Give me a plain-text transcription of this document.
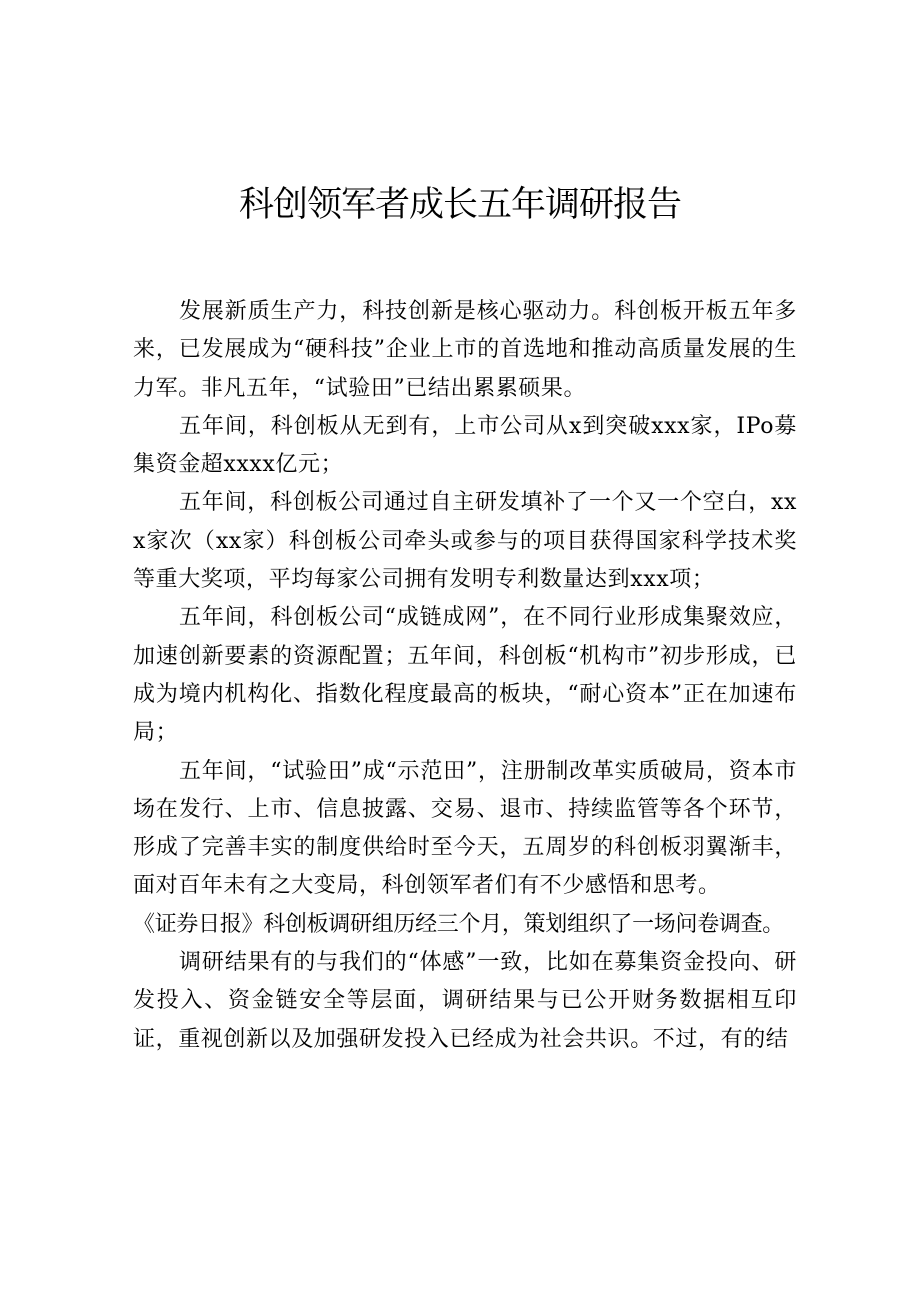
科创领军者成长五年调研报告

发展新质生产力，科技创新是核心驱动力。科创板开板五年多来，已发展成为“硬科技”企业上市的首选地和推动高质量发展的生力军。非凡五年，“试验田”已结出累累硕果。

五年间，科创板从无到有，上市公司从x到突破xxx家，IPo募集资金超xxxx亿元；

五年间，科创板公司通过自主研发填补了一个又一个空白，xxx家次（xx家）科创板公司牵头或参与的项目获得国家科学技术奖等重大奖项，平均每家公司拥有发明专利数量达到xxx项；

五年间，科创板公司“成链成网”，在不同行业形成集聚效应，加速创新要素的资源配置；五年间，科创板“机构市”初步形成，已成为境内机构化、指数化程度最高的板块，“耐心资本”正在加速布局；

五年间，“试验田”成“示范田”，注册制改革实质破局，资本市场在发行、上市、信息披露、交易、退市、持续监管等各个环节，形成了完善丰实的制度供给时至今天，五周岁的科创板羽翼渐丰，面对百年未有之大变局，科创领军者们有不少感悟和思考。

《证券日报》科创板调研组历经三个月，策划组织了一场问卷调查。

调研结果有的与我们的“体感”一致，比如在募集资金投向、研发投入、资金链安全等层面，调研结果与已公开财务数据相互印证，重视创新以及加强研发投入已经成为社会共识。不过，有的结
